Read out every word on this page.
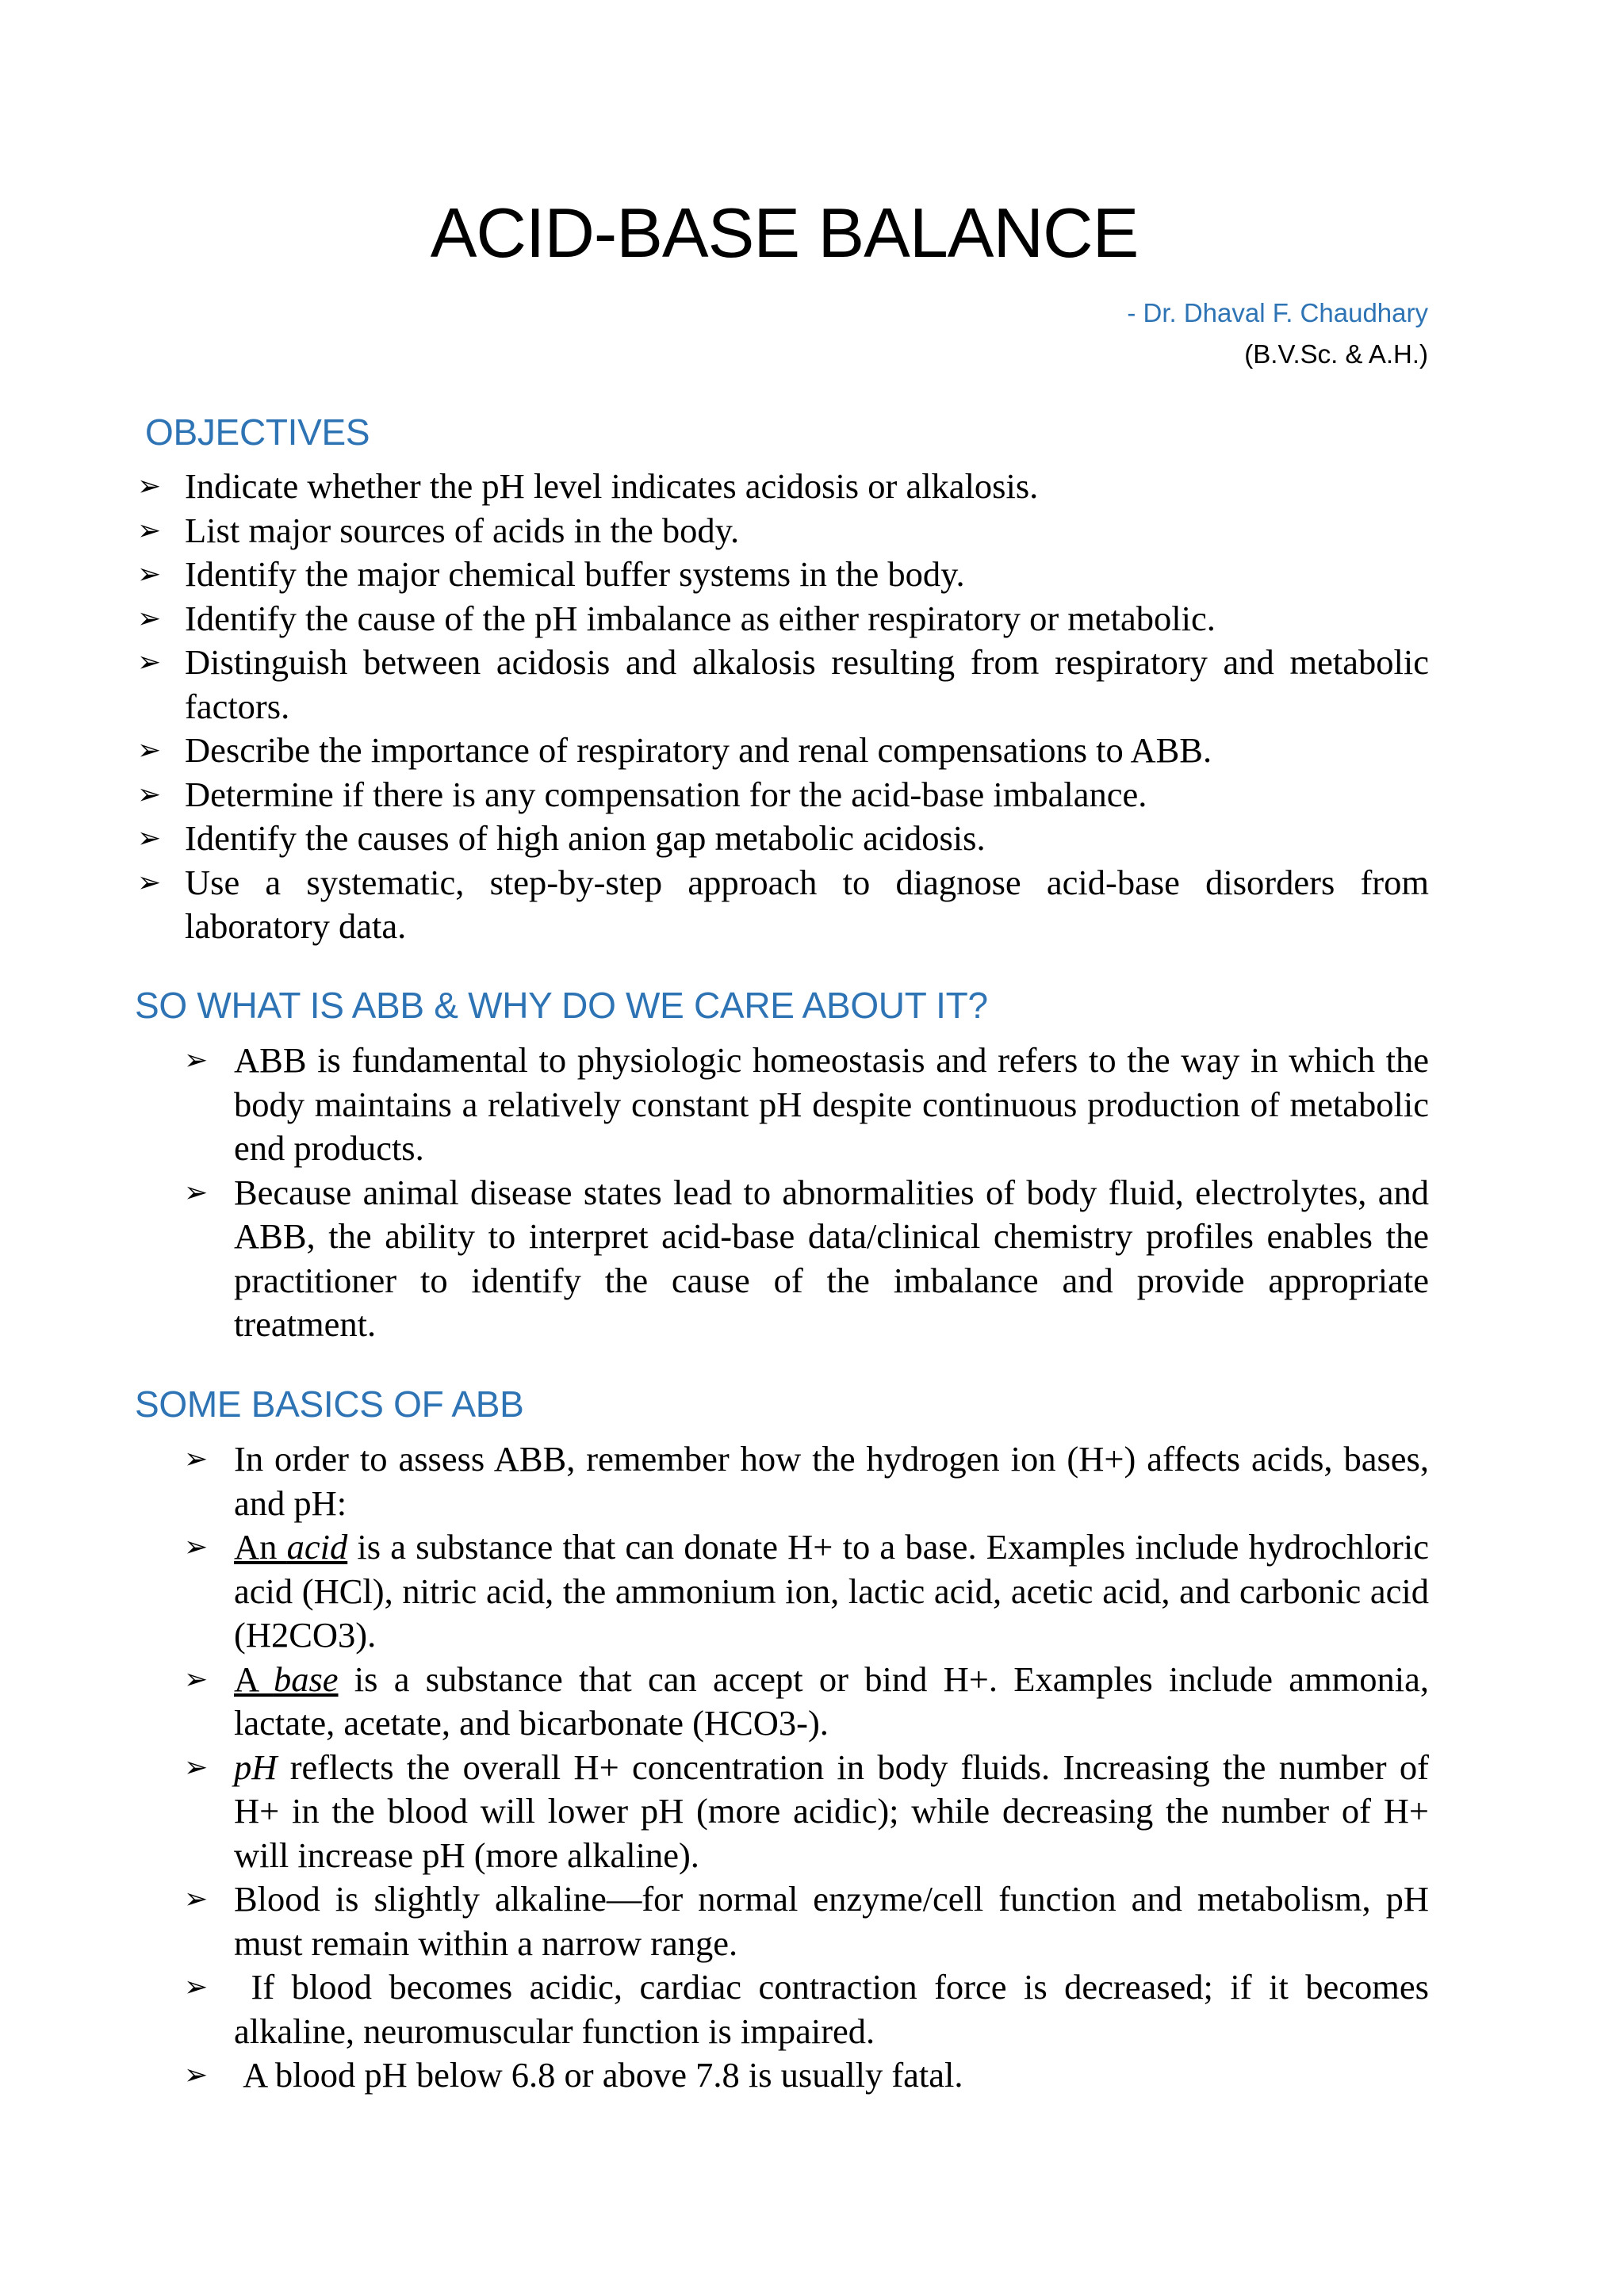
ACID-BASE BALANCE
- Dr. Dhaval F. Chaudhary
(B.V.Sc. & A.H.)
OBJECTIVES
➢ Indicate whether the pH level indicates acidosis or alkalosis.
➢ List major sources of acids in the body.
➢ Identify the major chemical buffer systems in the body.
➢ Identify the cause of the pH imbalance as either respiratory or metabolic.
➢ Distinguish between acidosis and alkalosis resulting from respiratory and metabolic factors.
➢ Describe the importance of respiratory and renal compensations to ABB.
➢ Determine if there is any compensation for the acid-base imbalance.
➢ Identify the causes of high anion gap metabolic acidosis.
➢ Use a systematic, step-by-step approach to diagnose acid-base disorders from laboratory data.
SO WHAT IS ABB & WHY DO WE CARE ABOUT IT?
➢ ABB is fundamental to physiologic homeostasis and refers to the way in which the body maintains a relatively constant pH despite continuous production of metabolic end products.
➢ Because animal disease states lead to abnormalities of body fluid, electrolytes, and ABB, the ability to interpret acid-base data/clinical chemistry profiles enables the practitioner to identify the cause of the imbalance and provide appropriate treatment.
SOME BASICS OF ABB
➢ In order to assess ABB, remember how the hydrogen ion (H+) affects acids, bases, and pH:
➢ An acid is a substance that can donate H+ to a base. Examples include hydrochloric acid (HCl), nitric acid, the ammonium ion, lactic acid, acetic acid, and carbonic acid (H2CO3).
➢ A base is a substance that can accept or bind H+. Examples include ammonia, lactate, acetate, and bicarbonate (HCO3-).
➢ pH reflects the overall H+ concentration in body fluids. Increasing the number of H+ in the blood will lower pH (more acidic); while decreasing the number of H+ will increase pH (more alkaline).
➢ Blood is slightly alkaline—for normal enzyme/cell function and metabolism, pH must remain within a narrow range.
➢ If blood becomes acidic, cardiac contraction force is decreased; if it becomes alkaline, neuromuscular function is impaired.
➢ A blood pH below 6.8 or above 7.8 is usually fatal.
